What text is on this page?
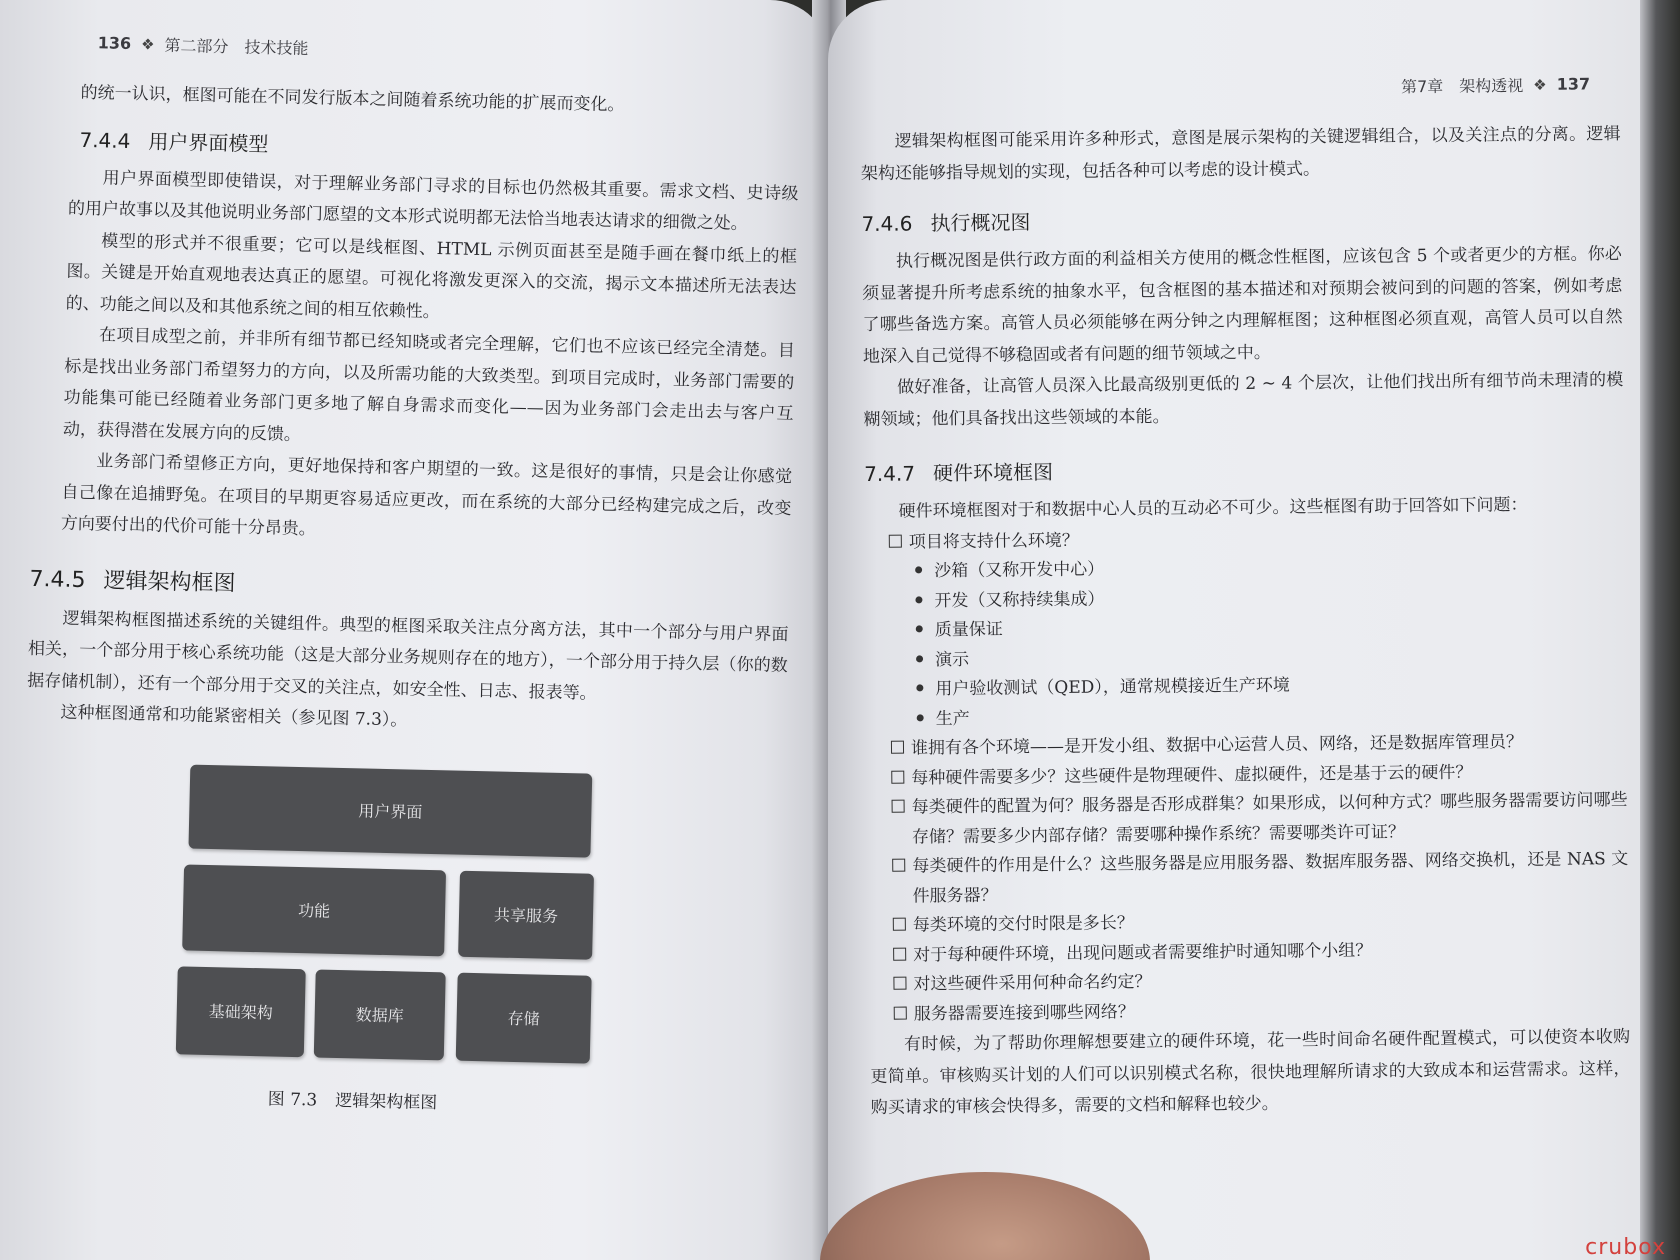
136 ❖ 第二部分　技术技能

的统一认识，框图可能在不同发行版本之间随着系统功能的扩展而变化。

7.4.4 用户界面模型

用户界面模型即使错误，对于理解业务部门寻求的目标也仍然极其重要。需求文档、史诗级的用户故事以及其他说明业务部门愿望的文本形式说明都无法恰当地表达请求的细微之处。

模型的形式并不很重要；它可以是线框图、HTML 示例页面甚至是随手画在餐巾纸上的框图。关键是开始直观地表达真正的愿望。可视化将激发更深入的交流，揭示文本描述所无法表达的、功能之间以及和其他系统之间的相互依赖性。

在项目成型之前，并非所有细节都已经知晓或者完全理解，它们也不应该已经完全清楚。目标是找出业务部门希望努力的方向，以及所需功能的大致类型。到项目完成时，业务部门需要的功能集可能已经随着业务部门更多地了解自身需求而变化——因为业务部门会走出去与客户互动，获得潜在发展方向的反馈。

业务部门希望修正方向，更好地保持和客户期望的一致。这是很好的事情，只是会让你感觉自己像在追捕野兔。在项目的早期更容易适应更改，而在系统的大部分已经构建完成之后，改变方向要付出的代价可能十分昂贵。

7.4.5 逻辑架构框图

逻辑架构框图描述系统的关键组件。典型的框图采取关注点分离方法，其中一个部分与用户界面相关，一个部分用于核心系统功能（这是大部分业务规则存在的地方），一个部分用于持久层（你的数据存储机制），还有一个部分用于交叉的关注点，如安全性、日志、报表等。

这种框图通常和功能紧密相关（参见图 7.3）。

用户界面
功能	共享服务
基础架构	数据库	存储
图 7.3 逻辑架构框图
第7章　架构透视 ❖ 137

逻辑架构框图可能采用许多种形式，意图是展示架构的关键逻辑组合，以及关注点的分离。逻辑架构还能够指导规划的实现，包括各种可以考虑的设计模式。

7.4.6 执行概况图

执行概况图是供行政方面的利益相关方使用的概念性框图，应该包含 5 个或者更少的方框。你必须显著提升所考虑系统的抽象水平，包含框图的基本描述和对预期会被问到的问题的答案，例如考虑了哪些备选方案。高管人员必须能够在两分钟之内理解框图；这种框图必须直观，高管人员可以自然地深入自己觉得不够稳固或者有问题的细节领域之中。

做好准备，让高管人员深入比最高级别更低的 2 ~ 4 个层次，让他们找出所有细节尚未理清的模糊领域；他们具备找出这些领域的本能。

7.4.7 硬件环境框图

硬件环境框图对于和数据中心人员的互动必不可少。这些框图有助于回答如下问题：

项目将支持什么环境？
沙箱（又称开发中心）
开发（又称持续集成）
质量保证
演示
用户验收测试（QED），通常规模接近生产环境
生产
谁拥有各个环境——是开发小组、数据中心运营人员、网络，还是数据库管理员？
每种硬件需要多少？这些硬件是物理硬件、虚拟硬件，还是基于云的硬件？
每类硬件的配置为何？服务器是否形成群集？如果形成，以何种方式？哪些服务器需要访问哪些存储？需要多少内部存储？需要哪种操作系统？需要哪类许可证？
每类硬件的作用是什么？这些服务器是应用服务器、数据库服务器、网络交换机，还是 NAS 文件服务器？
每类环境的交付时限是多长？
对于每种硬件环境，出现问题或者需要维护时通知哪个小组？
对这些硬件采用何种命名约定？
服务器需要连接到哪些网络？

有时候，为了帮助你理解想要建立的硬件环境，花一些时间命名硬件配置模式，可以使资本收购更简单。审核购买计划的人们可以识别模式名称，很快地理解所请求的大致成本和运营需求。这样，购买请求的审核会快得多，需要的文档和解释也较少。

crubox
